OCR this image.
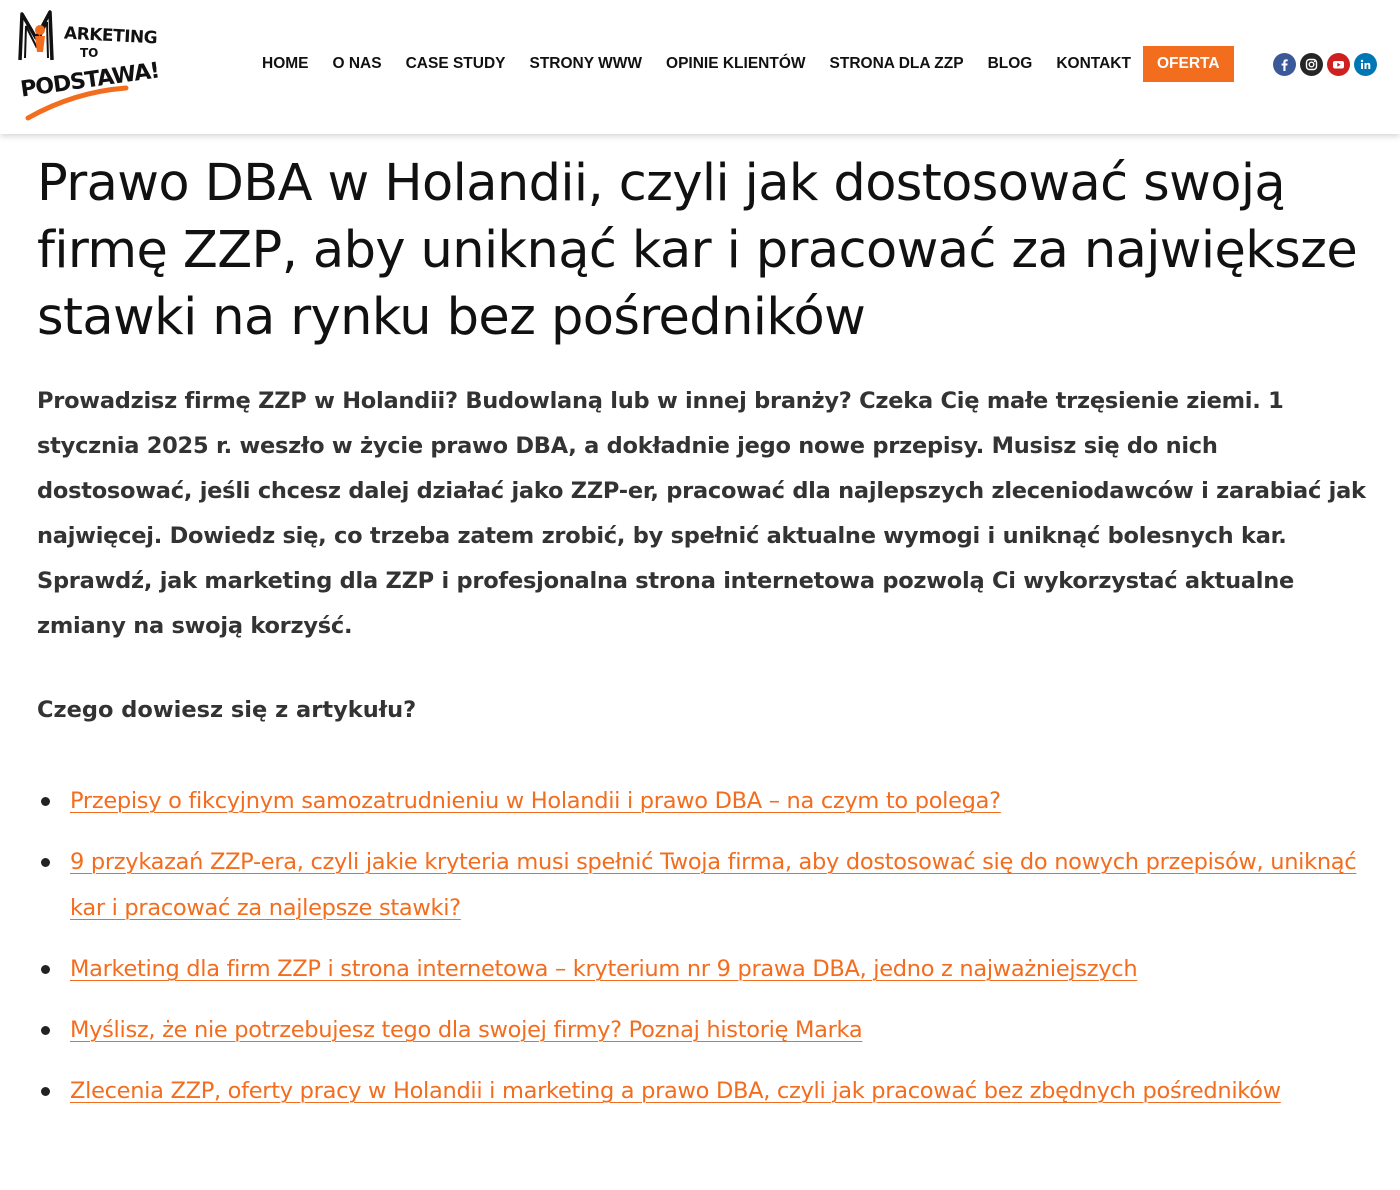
ARKETING
TO
PODSTAWA!	HOME	O NAS	CASE STUDY	STRONY WWW	OPINIE KLIENTÓW	STRONA DLA ZZP	BLOG	KONTAKT	OFERTA
Prawo DBA w Holandii, czyli jak dostosować swoją firmę ZZP, aby uniknąć kar i pracować za największe stawki na rynku bez pośredników

Prowadzisz firmę ZZP w Holandii? Budowlaną lub w innej branży? Czeka Cię małe trzęsienie ziemi. 1 stycznia 2025 r. weszło w życie prawo DBA, a dokładnie jego nowe przepisy. Musisz się do nich dostosować, jeśli chcesz dalej działać jako ZZP-er, pracować dla najlepszych zleceniodawców i zarabiać jak najwięcej. Dowiedz się, co trzeba zatem zrobić, by spełnić aktualne wymogi i uniknąć bolesnych kar. Sprawdź, jak marketing dla ZZP i profesjonalna strona internetowa pozwolą Ci wykorzystać aktualne zmiany na swoją korzyść.

Czego dowiesz się z artykułu?

Przepisy o fikcyjnym samozatrudnieniu w Holandii i prawo DBA – na czym to polega?
9 przykazań ZZP-era, czyli jakie kryteria musi spełnić Twoja firma, aby dostosować się do nowych przepisów, uniknąć kar i pracować za najlepsze stawki?
Marketing dla firm ZZP i strona internetowa – kryterium nr 9 prawa DBA, jedno z najważniejszych
Myślisz, że nie potrzebujesz tego dla swojej firmy? Poznaj historię Marka
Zlecenia ZZP, oferty pracy w Holandii i marketing a prawo DBA, czyli jak pracować bez zbędnych pośredników
